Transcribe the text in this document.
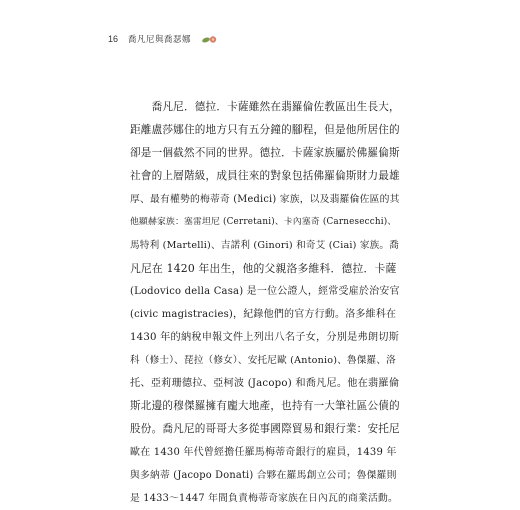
16 喬凡尼與喬瑟娜
　　喬凡尼．德拉．卡薩雖然在翡羅倫佐教區出生長大，
距離盧莎娜住的地方只有五分鐘的腳程，但是他所居住的
卻是一個截然不同的世界。德拉．卡薩家族屬於佛羅倫斯
社會的上層階級，成員往來的對象包括佛羅倫斯財力最雄
厚、最有權勢的梅蒂奇 (Medici) 家族，以及翡羅倫佐區的其
他顯赫家族：塞雷坦尼 (Cerretani)、卡內塞奇 (Carnesecchi)、
馬特利 (Martelli)、吉諾利 (Ginori) 和奇艾 (Ciai) 家族。喬
凡尼在 1420 年出生，他的父親洛多維科．德拉．卡薩
(Lodovico della Casa) 是一位公證人，經常受雇於治安官
(civic magistracies)，紀錄他們的官方行動。洛多維科在
1430 年的納稅申報文件上列出八名子女，分別是弗朗切斯
科（修士）、琵拉（修女）、安托尼歐 (Antonio)、魯傑羅、洛
托、亞莉珊德拉、亞柯波 (Jacopo) 和喬凡尼。他在翡羅倫
斯北邊的穆傑羅擁有龐大地產，也持有一大筆社區公債的
股份。喬凡尼的哥哥大多從事國際貿易和銀行業：安托尼
歐在 1430 年代曾經擔任羅馬梅蒂奇銀行的雇員，1439 年
與多納蒂 (Jacopo Donati) 合夥在羅馬創立公司；魯傑羅則
是 1433～1447 年間負責梅蒂奇家族在日內瓦的商業活動。
